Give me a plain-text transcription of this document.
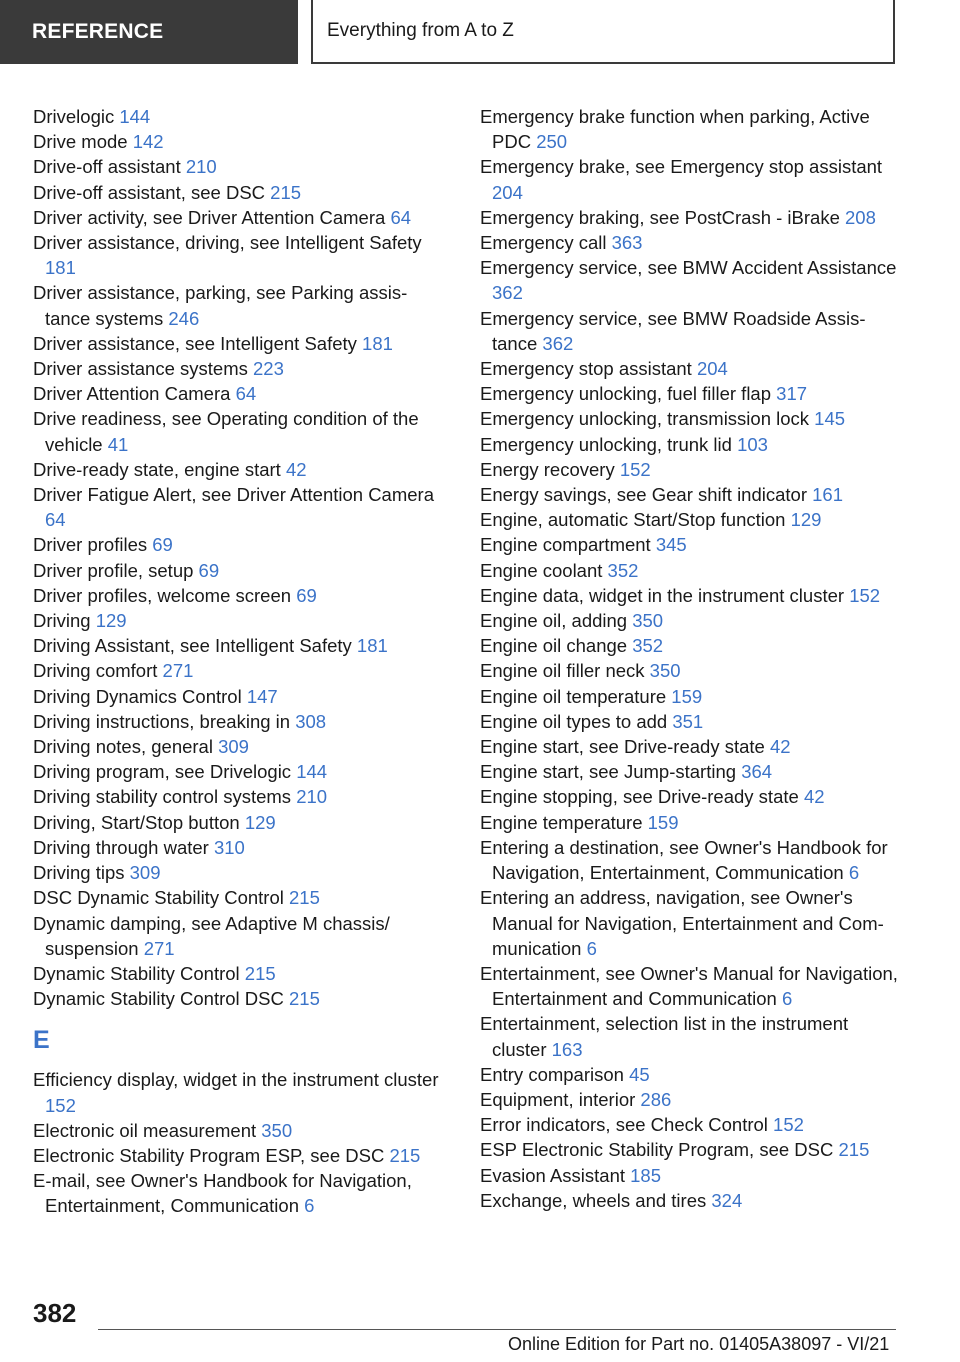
REFERENCE	Everything from A to Z
Drivelogic 144
Drive mode 142
Drive-off assistant 210
Drive-off assistant, see DSC 215
Driver activity, see Driver Attention Camera 64
Driver assistance, driving, see Intelligent Safety 181
Driver assistance, parking, see Parking assistance systems 246
Driver assistance, see Intelligent Safety 181
Driver assistance systems 223
Driver Attention Camera 64
Drive readiness, see Operating condition of the vehicle 41
Drive-ready state, engine start 42
Driver Fatigue Alert, see Driver Attention Camera 64
Driver profiles 69
Driver profile, setup 69
Driver profiles, welcome screen 69
Driving 129
Driving Assistant, see Intelligent Safety 181
Driving comfort 271
Driving Dynamics Control 147
Driving instructions, breaking in 308
Driving notes, general 309
Driving program, see Drivelogic 144
Driving stability control systems 210
Driving, Start/Stop button 129
Driving through water 310
Driving tips 309
DSC Dynamic Stability Control 215
Dynamic damping, see Adaptive M chassis/ suspension 271
Dynamic Stability Control 215
Dynamic Stability Control DSC 215
E
Efficiency display, widget in the instrument cluster 152
Electronic oil measurement 350
Electronic Stability Program ESP, see DSC 215
E-mail, see Owner's Handbook for Navigation, Entertainment, Communication 6
Emergency brake function when parking, Active PDC 250
Emergency brake, see Emergency stop assistant 204
Emergency braking, see PostCrash - iBrake 208
Emergency call 363
Emergency service, see BMW Accident Assistance 362
Emergency service, see BMW Roadside Assistance 362
Emergency stop assistant 204
Emergency unlocking, fuel filler flap 317
Emergency unlocking, transmission lock 145
Emergency unlocking, trunk lid 103
Energy recovery 152
Energy savings, see Gear shift indicator 161
Engine, automatic Start/Stop function 129
Engine compartment 345
Engine coolant 352
Engine data, widget in the instrument cluster 152
Engine oil, adding 350
Engine oil change 352
Engine oil filler neck 350
Engine oil temperature 159
Engine oil types to add 351
Engine start, see Drive-ready state 42
Engine start, see Jump-starting 364
Engine stopping, see Drive-ready state 42
Engine temperature 159
Entering a destination, see Owner's Handbook for Navigation, Entertainment, Communication 6
Entering an address, navigation, see Owner's Manual for Navigation, Entertainment and Communication 6
Entertainment, see Owner's Manual for Navigation, Entertainment and Communication 6
Entertainment, selection list in the instrument cluster 163
Entry comparison 45
Equipment, interior 286
Error indicators, see Check Control 152
ESP Electronic Stability Program, see DSC 215
Evasion Assistant 185
Exchange, wheels and tires 324
382
Online Edition for Part no. 01405A38097 - VI/21
